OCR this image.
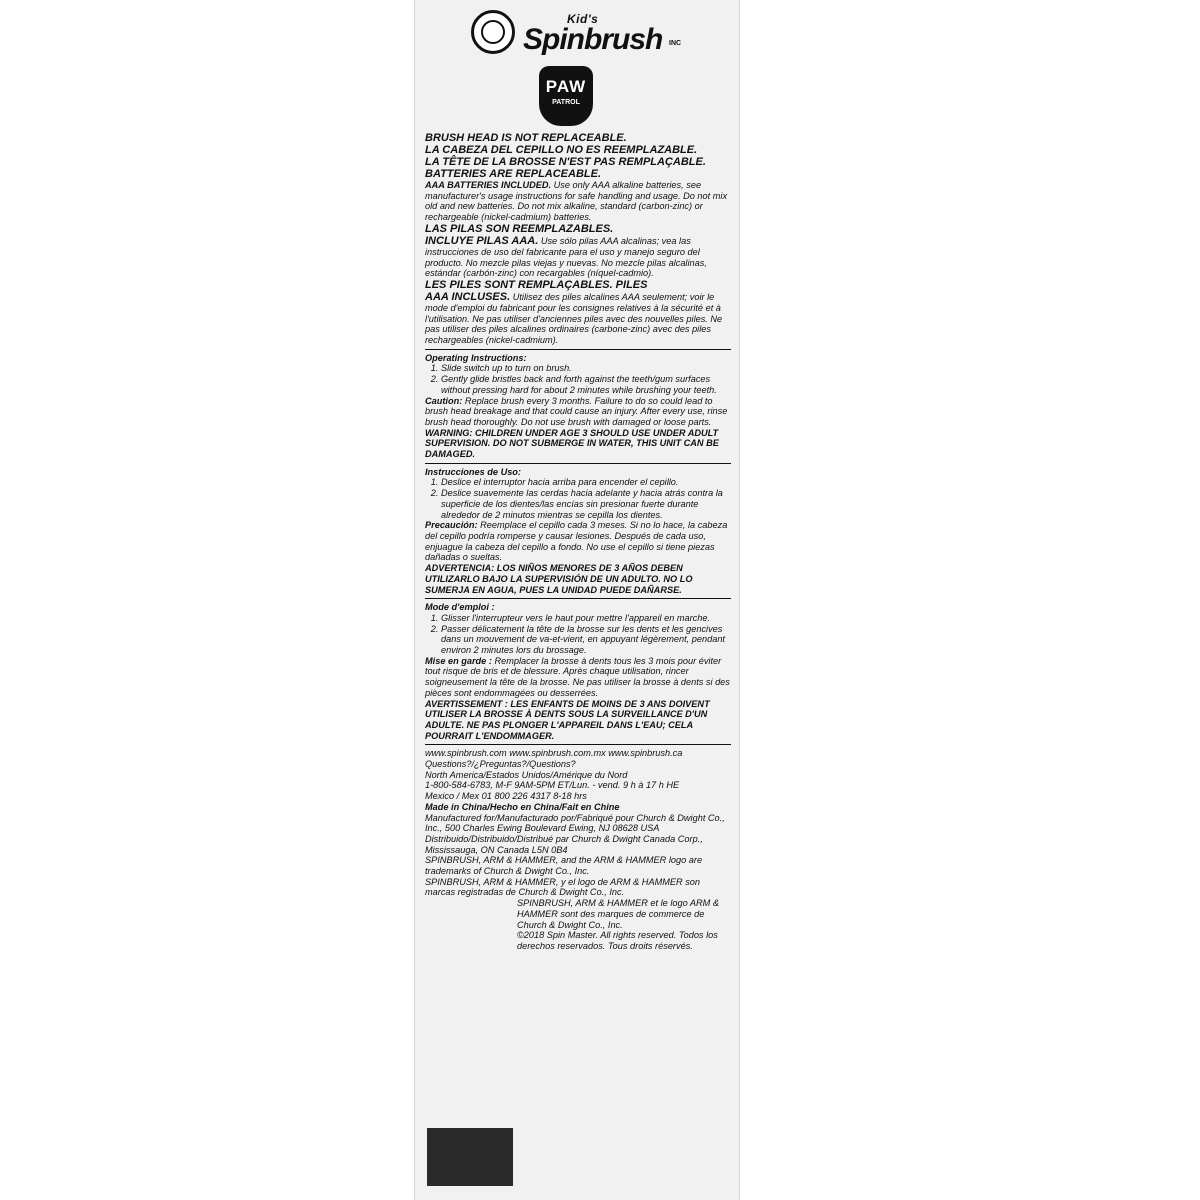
Kid's
Spinbrush INC
PAW
PATROL

BRUSH HEAD IS NOT REPLACEABLE.

LA CABEZA DEL CEPILLO NO ES REEMPLAZABLE.

LA TÊTE DE LA BROSSE N'EST PAS REMPLAÇABLE.

BATTERIES ARE REPLACEABLE.

AAA BATTERIES INCLUDED. Use only AAA alkaline batteries, see manufacturer's usage instructions for safe handling and usage. Do not mix old and new batteries. Do not mix alkaline, standard (carbon-zinc) or rechargeable (nickel-cadmium) batteries.

LAS PILAS SON REEMPLAZABLES.

INCLUYE PILAS AAA. Use sólo pilas AAA alcalinas; vea las instrucciones de uso del fabricante para el uso y manejo seguro del producto. No mezcle pilas viejas y nuevas. No mezcle pilas alcalinas, estándar (carbón-zinc) con recargables (níquel-cadmio).

LES PILES SONT REMPLAÇABLES. PILES

AAA INCLUSES. Utilisez des piles alcalines AAA seulement; voir le mode d'emploi du fabricant pour les consignes relatives à la sécurité et à l'utilisation. Ne pas utiliser d'anciennes piles avec des nouvelles piles. Ne pas utiliser des piles alcalines ordinaires (carbone-zinc) avec des piles rechargeables (nickel-cadmium).

Operating Instructions:

1. Slide switch up to turn on brush.
2. Gently glide bristles back and forth against the teeth/gum surfaces without pressing hard for about 2 minutes while brushing your teeth.

Caution: Replace brush every 3 months. Failure to do so could lead to brush head breakage and that could cause an injury. After every use, rinse brush head thoroughly. Do not use brush with damaged or loose parts.

WARNING: CHILDREN UNDER AGE 3 SHOULD USE UNDER ADULT SUPERVISION. DO NOT SUBMERGE IN WATER, THIS UNIT CAN BE DAMAGED.

Instrucciones de Uso:

1. Deslice el interruptor hacia arriba para encender el cepillo.
2. Deslice suavemente las cerdas hacia adelante y hacia atrás contra la superficie de los dientes/las encías sin presionar fuerte durante alrededor de 2 minutos mientras se cepilla los dientes.

Precaución: Reemplace el cepillo cada 3 meses. Si no lo hace, la cabeza del cepillo podría romperse y causar lesiones. Después de cada uso, enjuague la cabeza del cepillo a fondo. No use el cepillo si tiene piezas dañadas o sueltas.

ADVERTENCIA: LOS NIÑOS MENORES DE 3 AÑOS DEBEN UTILIZARLO BAJO LA SUPERVISIÓN DE UN ADULTO. NO LO SUMERJA EN AGUA, PUES LA UNIDAD PUEDE DAÑARSE.

Mode d'emploi :

1. Glisser l'interrupteur vers le haut pour mettre l'appareil en marche.
2. Passer délicatement la tête de la brosse sur les dents et les gencives dans un mouvement de va-et-vient, en appuyant légèrement, pendant environ 2 minutes lors du brossage.

Mise en garde : Remplacer la brosse à dents tous les 3 mois pour éviter tout risque de bris et de blessure. Après chaque utilisation, rincer soigneusement la tête de la brosse. Ne pas utiliser la brosse à dents si des pièces sont endommagées ou desserrées.

AVERTISSEMENT : LES ENFANTS DE MOINS DE 3 ANS DOIVENT UTILISER LA BROSSE À DENTS SOUS LA SURVEILLANCE D'UN ADULTE. NE PAS PLONGER L'APPAREIL DANS L'EAU; CELA POURRAIT L'ENDOMMAGER.

www.spinbrush.com www.spinbrush.com.mx www.spinbrush.ca

Questions?/¿Preguntas?/Questions?

North America/Estados Unidos/Amérique du Nord

1-800-584-6783, M-F 9AM-5PM ET/Lun. - vend. 9 h à 17 h HE

Mexico / Mex 01 800 226 4317 8-18 hrs

Made in China/Hecho en China/Fait en Chine

Manufactured for/Manufacturado por/Fabriqué pour Church & Dwight Co., Inc., 500 Charles Ewing Boulevard Ewing, NJ 08628 USA

Distribuido/Distribuido/Distribué par Church & Dwight Canada Corp., Mississauga, ON Canada L5N 0B4

SPINBRUSH, ARM & HAMMER, and the ARM & HAMMER logo are trademarks of Church & Dwight Co., Inc.

SPINBRUSH, ARM & HAMMER, y el logo de ARM & HAMMER son marcas registradas de Church & Dwight Co., Inc.

SPINBRUSH, ARM & HAMMER et le logo ARM & HAMMER sont des marques de commerce de Church & Dwight Co., Inc.

©2018 Spin Master. All rights reserved. Todos los derechos reservados. Tous droits réservés.
